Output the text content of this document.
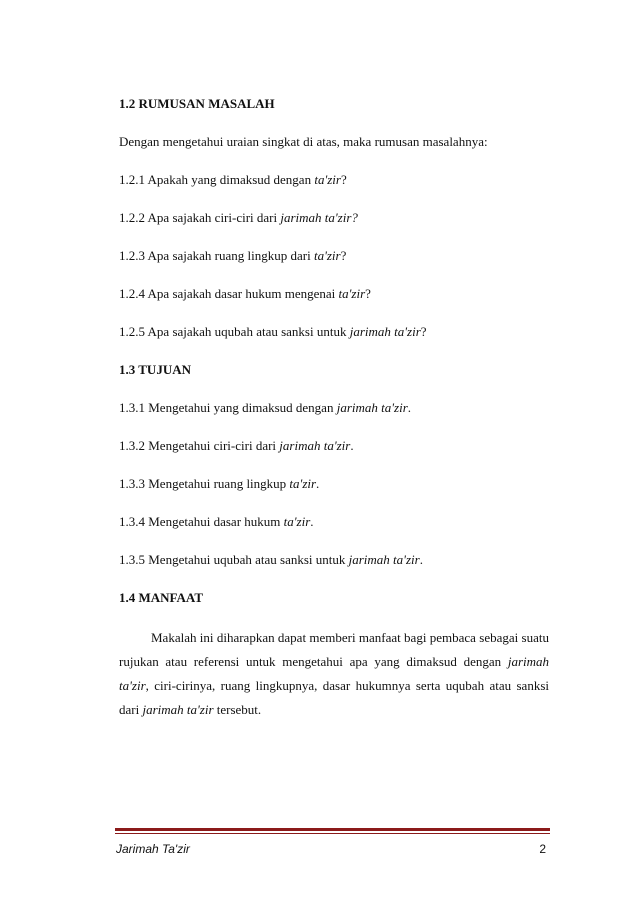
1.2 RUMUSAN MASALAH

Dengan mengetahui uraian singkat di atas, maka rumusan masalahnya:

1.2.1 Apakah yang dimaksud dengan ta'zir?

1.2.2 Apa sajakah ciri-ciri dari jarimah ta'zir?

1.2.3 Apa sajakah ruang lingkup dari ta'zir?

1.2.4 Apa sajakah dasar hukum mengenai ta'zir?

1.2.5 Apa sajakah uqubah atau sanksi untuk jarimah ta'zir?

1.3 TUJUAN

1.3.1 Mengetahui yang dimaksud dengan jarimah ta'zir.

1.3.2 Mengetahui ciri-ciri dari jarimah ta'zir.

1.3.3 Mengetahui ruang lingkup ta'zir.

1.3.4 Mengetahui dasar hukum ta'zir.

1.3.5 Mengetahui uqubah atau sanksi untuk jarimah ta'zir.

1.4 MANFAAT

Makalah ini diharapkan dapat memberi manfaat bagi pembaca sebagai suatu rujukan atau referensi untuk mengetahui apa yang dimaksud dengan jarimah ta'zir, ciri-cirinya, ruang lingkupnya, dasar hukumnya serta uqubah atau sanksi dari jarimah ta'zir tersebut.

Jarimah Ta'zir	2
